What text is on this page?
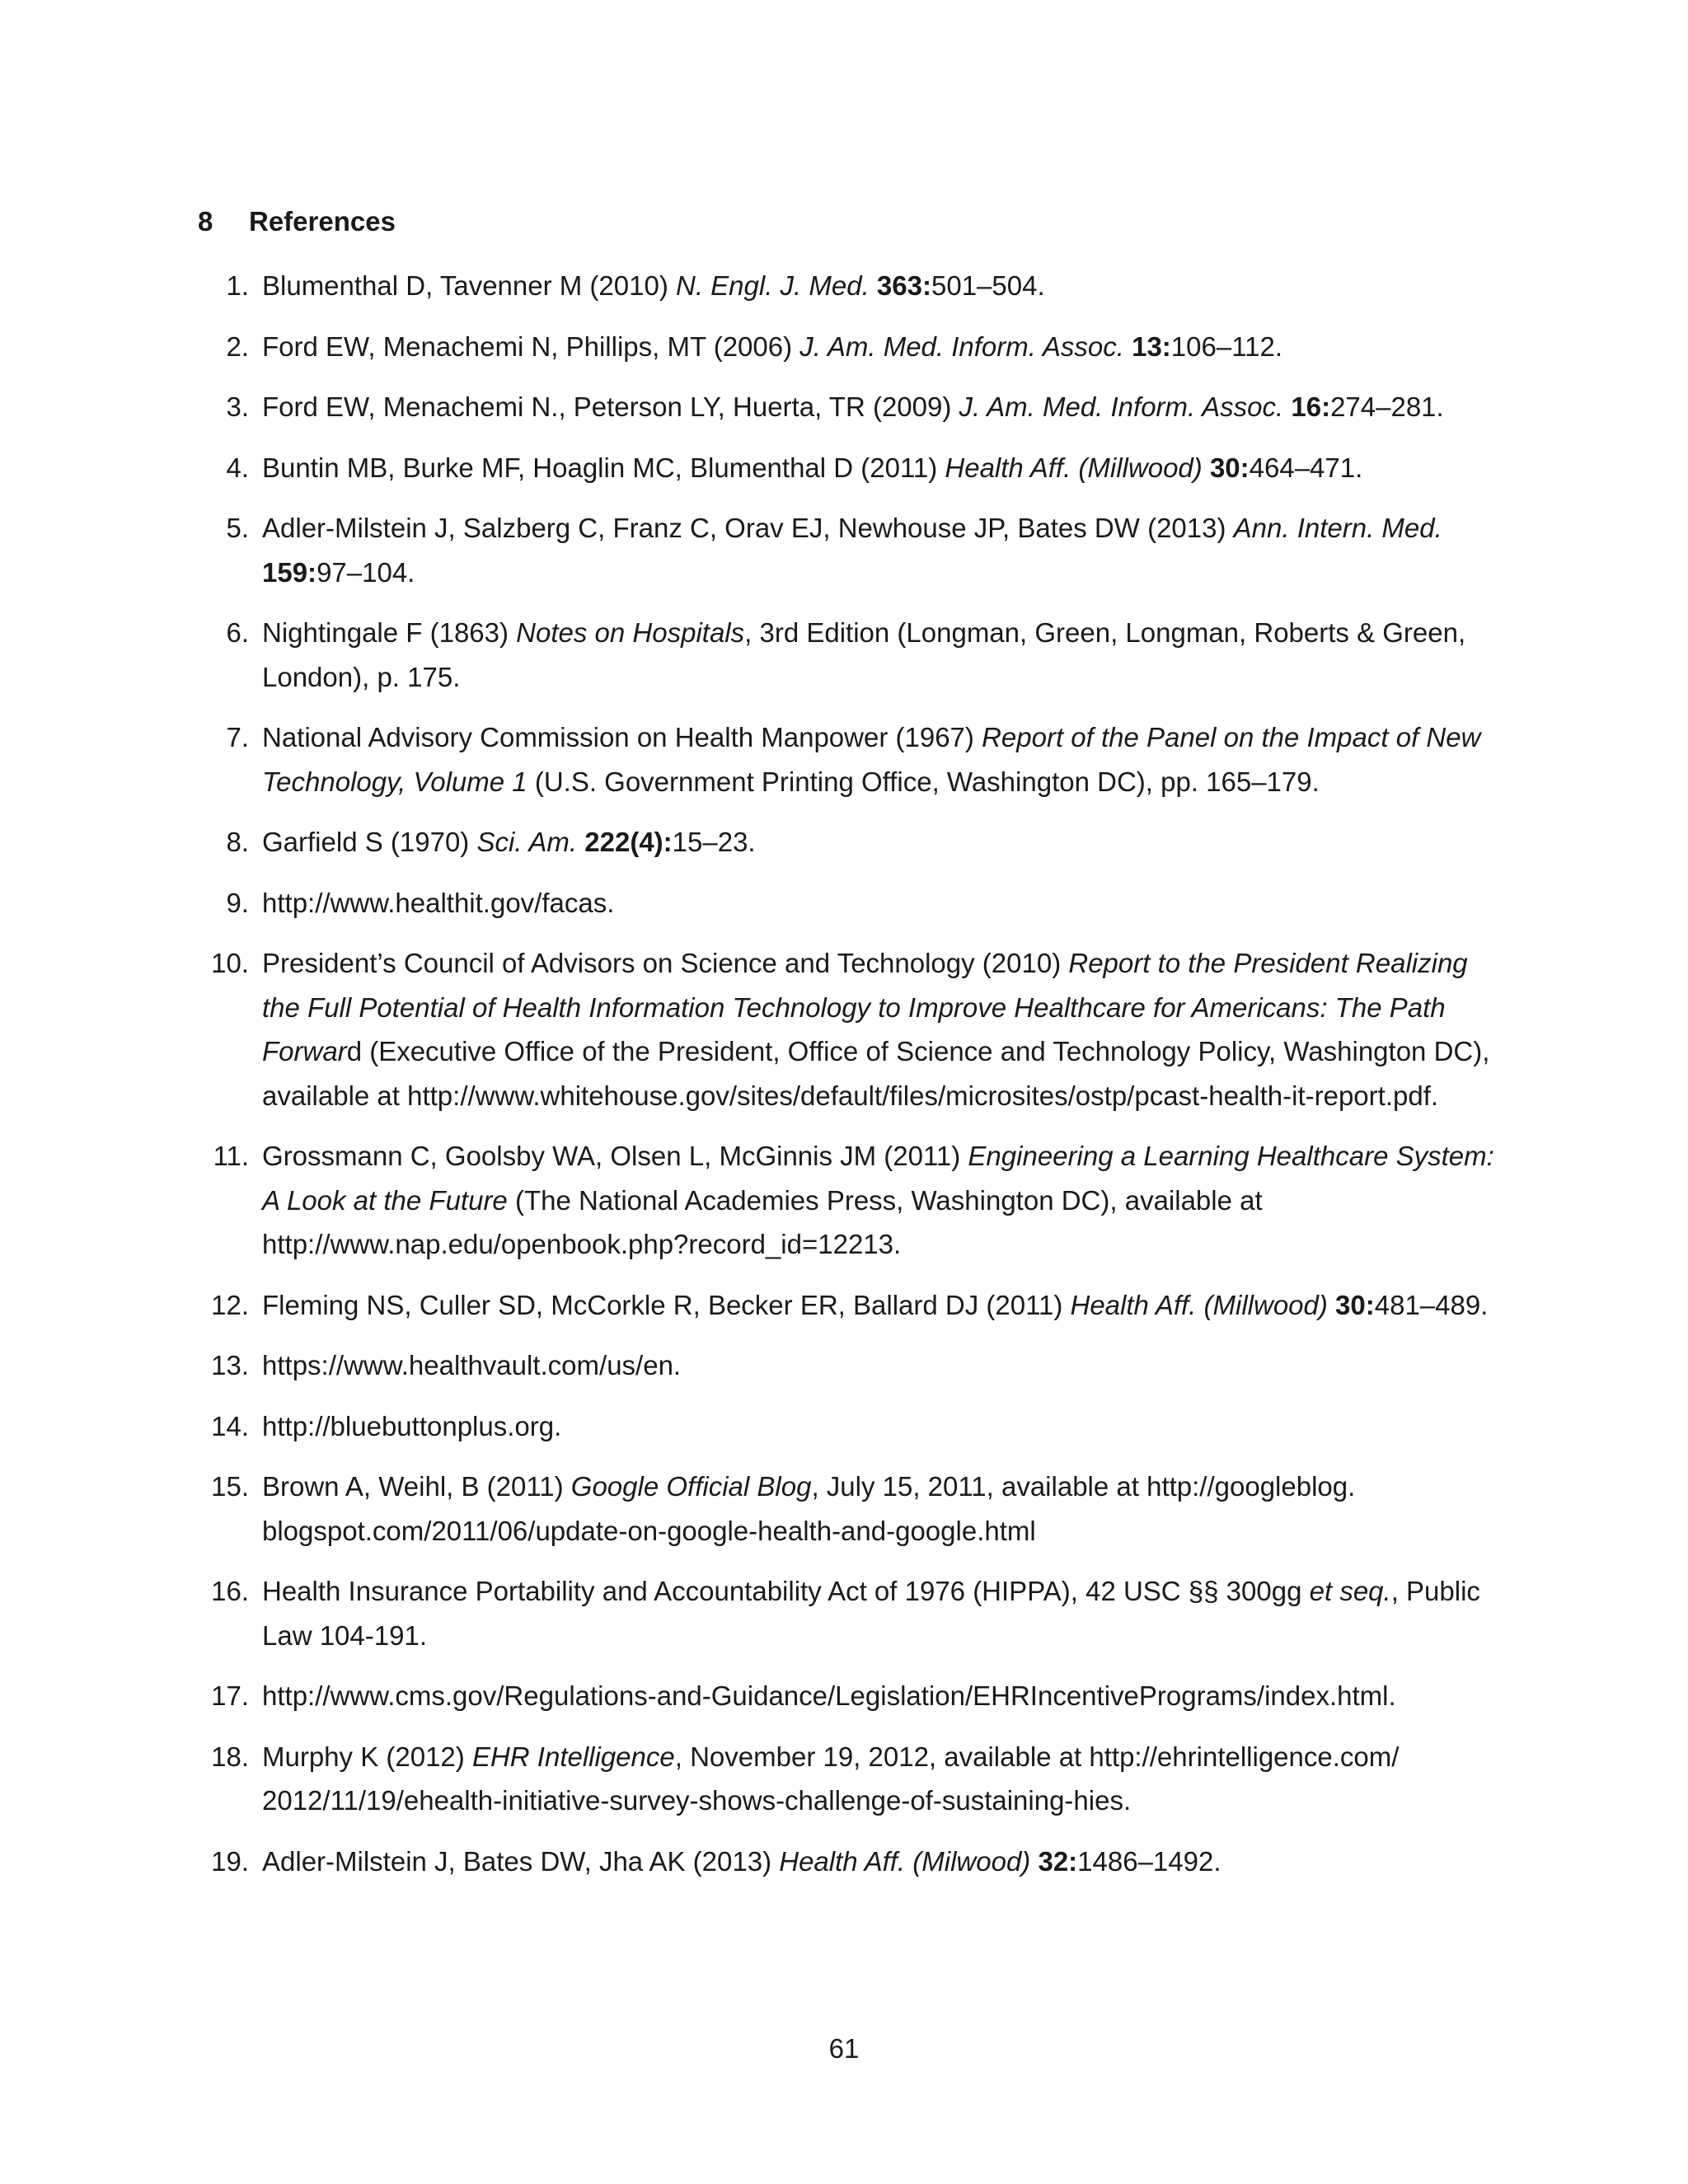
8 References
1. Blumenthal D, Tavenner M (2010) N. Engl. J. Med. 363:501–504.
2. Ford EW, Menachemi N, Phillips, MT (2006) J. Am. Med. Inform. Assoc. 13:106–112.
3. Ford EW, Menachemi N., Peterson LY, Huerta, TR (2009) J. Am. Med. Inform. Assoc. 16:274–281.
4. Buntin MB, Burke MF, Hoaglin MC, Blumenthal D (2011) Health Aff. (Millwood) 30:464–471.
5. Adler-Milstein J, Salzberg C, Franz C, Orav EJ, Newhouse JP, Bates DW (2013) Ann. Intern. Med. 159:97–104.
6. Nightingale F (1863) Notes on Hospitals, 3rd Edition (Longman, Green, Longman, Roberts & Green, London), p. 175.
7. National Advisory Commission on Health Manpower (1967) Report of the Panel on the Impact of New Technology, Volume 1 (U.S. Government Printing Office, Washington DC), pp. 165–179.
8. Garfield S (1970) Sci. Am. 222(4):15–23.
9. http://www.healthit.gov/facas.
10. President’s Council of Advisors on Science and Technology (2010) Report to the President Realizing the Full Potential of Health Information Technology to Improve Healthcare for Americans: The Path Forward (Executive Office of the President, Office of Science and Technology Policy, Washington DC), available at http://www.whitehouse.gov/sites/default/files/microsites/ostp/pcast-health-it-report.pdf.
11. Grossmann C, Goolsby WA, Olsen L, McGinnis JM (2011) Engineering a Learning Healthcare System: A Look at the Future (The National Academies Press, Washington DC), available at http://www.nap.edu/openbook.php?record_id=12213.
12. Fleming NS, Culler SD, McCorkle R, Becker ER, Ballard DJ (2011) Health Aff. (Millwood) 30:481–489.
13. https://www.healthvault.com/us/en.
14. http://bluebuttonplus.org.
15. Brown A, Weihl, B (2011) Google Official Blog, July 15, 2011, available at http://googleblog. blogspot.com/2011/06/update-on-google-health-and-google.html
16. Health Insurance Portability and Accountability Act of 1976 (HIPPA), 42 USC §§ 300gg et seq., Public Law 104-191.
17. http://www.cms.gov/Regulations-and-Guidance/Legislation/EHRIncentivePrograms/index.html.
18. Murphy K (2012) EHR Intelligence, November 19, 2012, available at http://ehrintelligence.com/ 2012/11/19/ehealth-initiative-survey-shows-challenge-of-sustaining-hies.
19. Adler-Milstein J, Bates DW, Jha AK (2013) Health Aff. (Milwood) 32:1486–1492.
61
